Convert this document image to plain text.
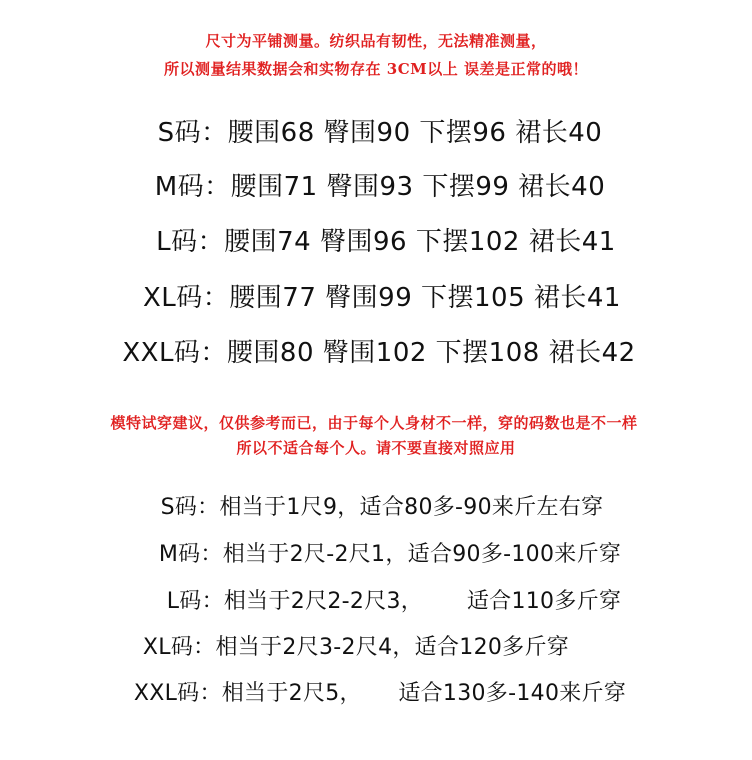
尺寸为平铺测量。纺织品有韧性，无法精准测量，
所以测量结果数据会和实物存在 3CM以上 误差是正常的哦！
S码：腰围68 臀围90 下摆96 裙长40
M码：腰围71 臀围93 下摆99 裙长40
L码：腰围74 臀围96 下摆102 裙长41
XL码：腰围77 臀围99 下摆105 裙长41
XXL码：腰围80 臀围102 下摆108 裙长42
模特试穿建议，仅供参考而已，由于每个人身材不一样，穿的码数也是不一样
所以不适合每个人。请不要直接对照应用
S码：相当于1尺9，适合80多-90来斤左右穿
M码：相当于2尺-2尺1，适合90多-100来斤穿
L码：相当于2尺2-2尺3，      适合110多斤穿
XL码：相当于2尺3-2尺4，适合120多斤穿
XXL码：相当于2尺5，     适合130多-140来斤穿
